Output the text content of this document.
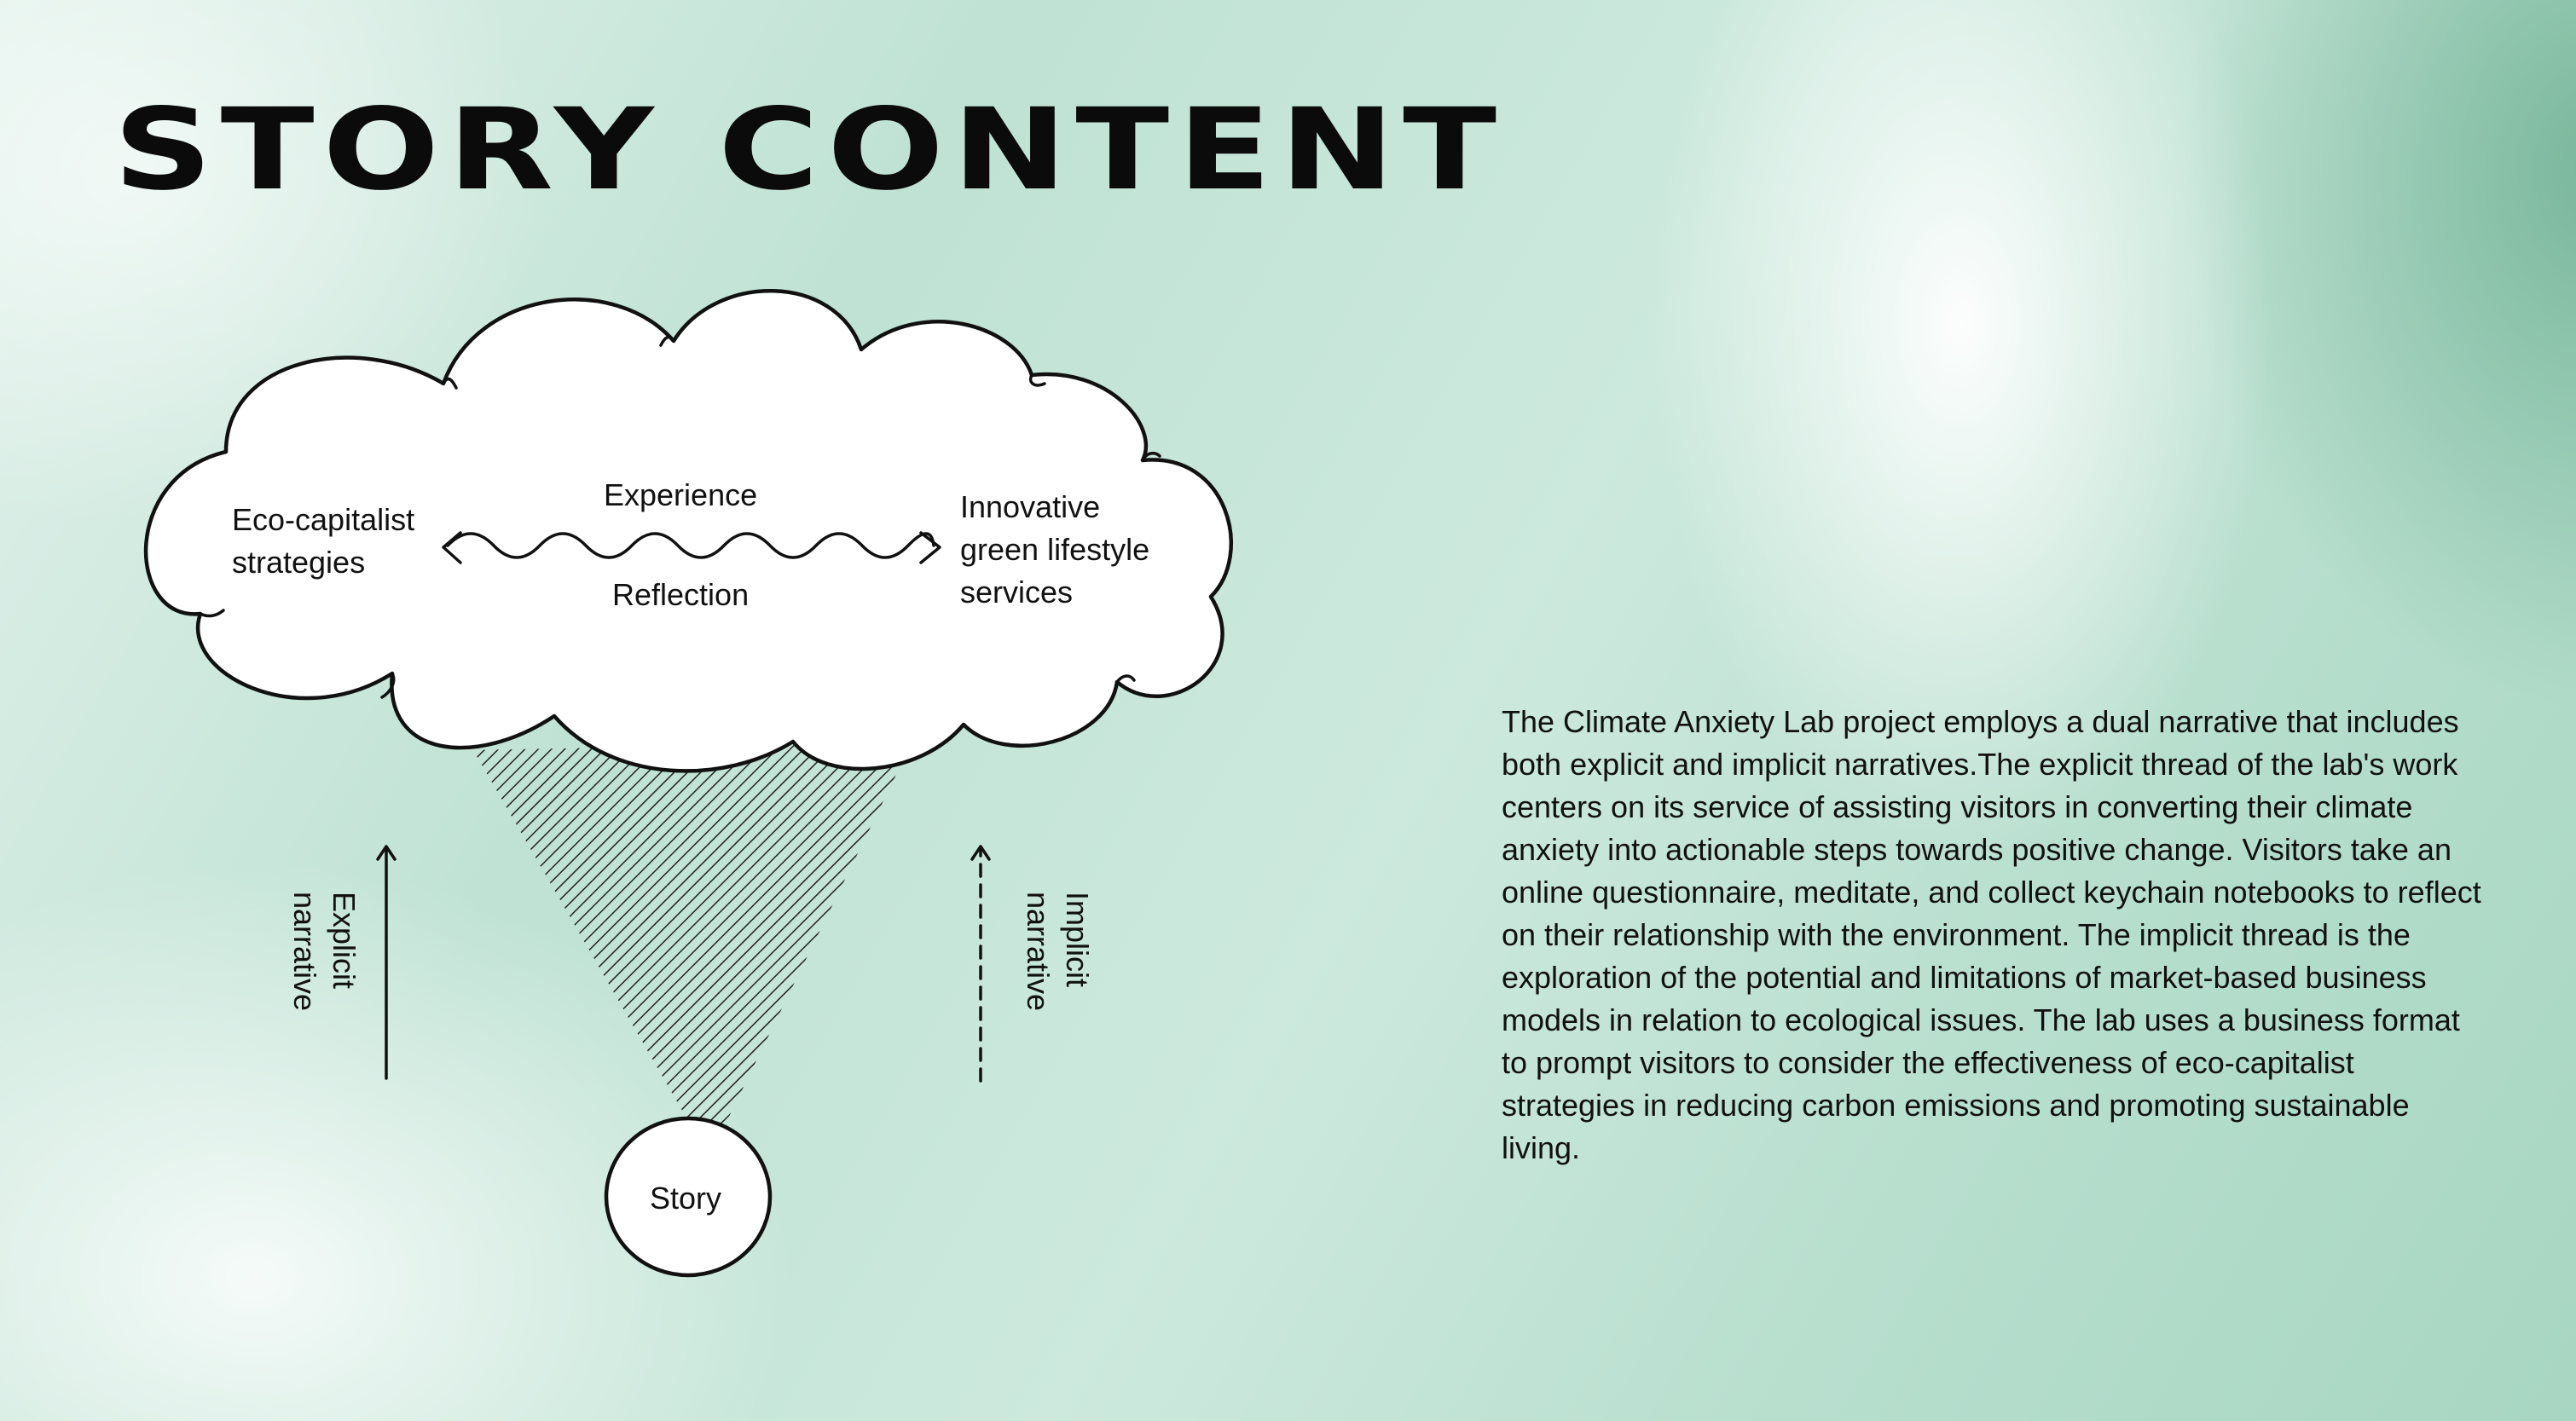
STORY CONTENT
Eco-capitalist
strategies
Experience
Reflection
Innovative
green lifestyle
services
Explicit
narrative	Implicit
narrative
Story

The Climate Anxiety Lab project employs a dual narrative that includes both explicit and implicit narratives.The explicit thread of the lab's work centers on its service of assisting visitors in converting their climate anxiety into actionable steps towards positive change. Visitors take an online questionnaire, meditate, and collect keychain notebooks to reflect on their relationship with the environment. The implicit thread is the exploration of the potential and limitations of market-based business models in relation to ecological issues. The lab uses a business format to prompt visitors to consider the effectiveness of eco-capitalist strategies in reducing carbon emissions and promoting sustainable living.
